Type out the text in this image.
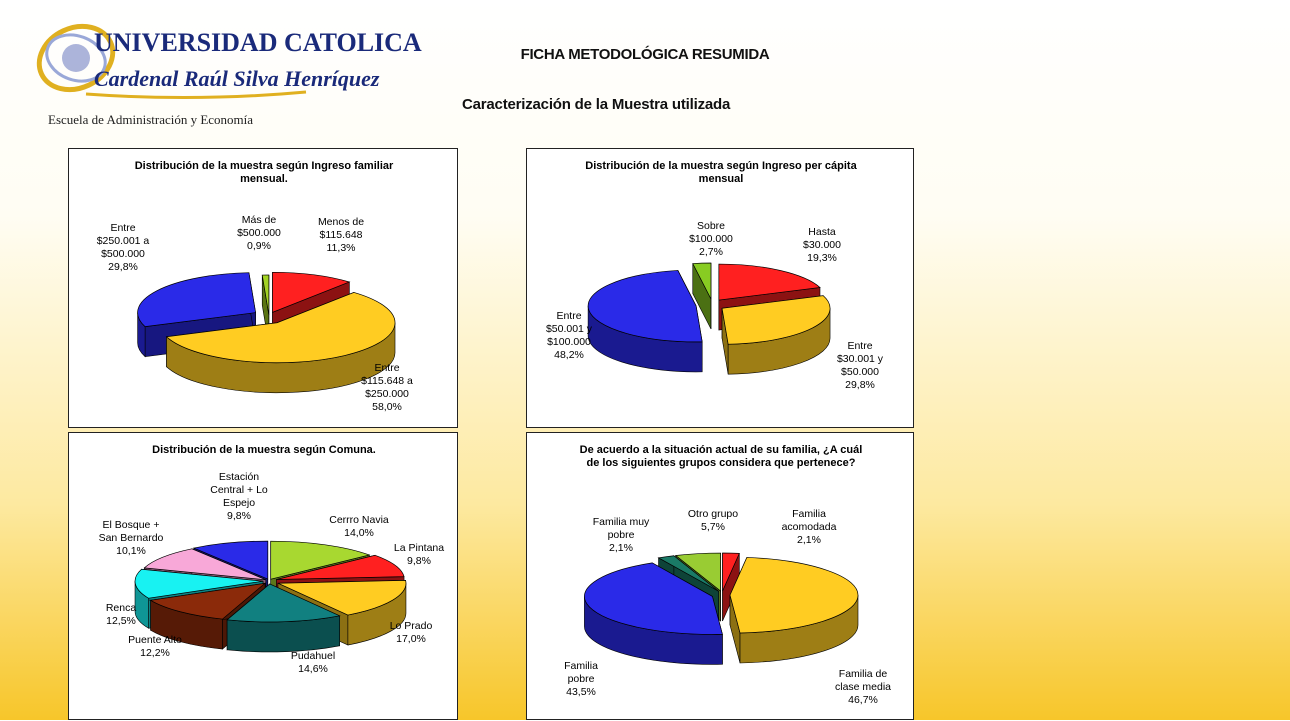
UNIVERSIDAD CATOLICA
Cardenal Raúl Silva Henríquez
Escuela de Administración y Economía
FICHA METODOLÓGICA RESUMIDA
Caracterización de la Muestra utilizada
Distribución de la muestra según Ingreso familiar mensual.
Menos de $115.648 11,3%
Entre $115.648 a $250.000 58,0%
Entre $250.001 a $500.000 29,8%
Más de $500.000 0,9%
Distribución de la muestra según Ingreso per cápita mensual
Hasta $30.000 19,3%
Entre $30.001 y $50.000 29,8%
Entre $50.001 y $100.000 48,2%
Sobre $100.000 2,7%
Distribución de la muestra según Comuna.
Cerrro Navia 14,0%
La Pintana 9,8%
Lo Prado 17,0%
Pudahuel 14,6%
Puente Alto 12,2%
Renca 12,5%
El Bosque + San Bernardo 10,1%
Estación Central + Lo Espejo 9,8%
De acuerdo a la situación actual de su familia, ¿A cuál de los siguientes grupos considera que pertenece?
Familia acomodada 2,1%
Familia de clase media 46,7%
Familia pobre 43,5%
Familia muy pobre 2,1%
Otro grupo 5,7%
